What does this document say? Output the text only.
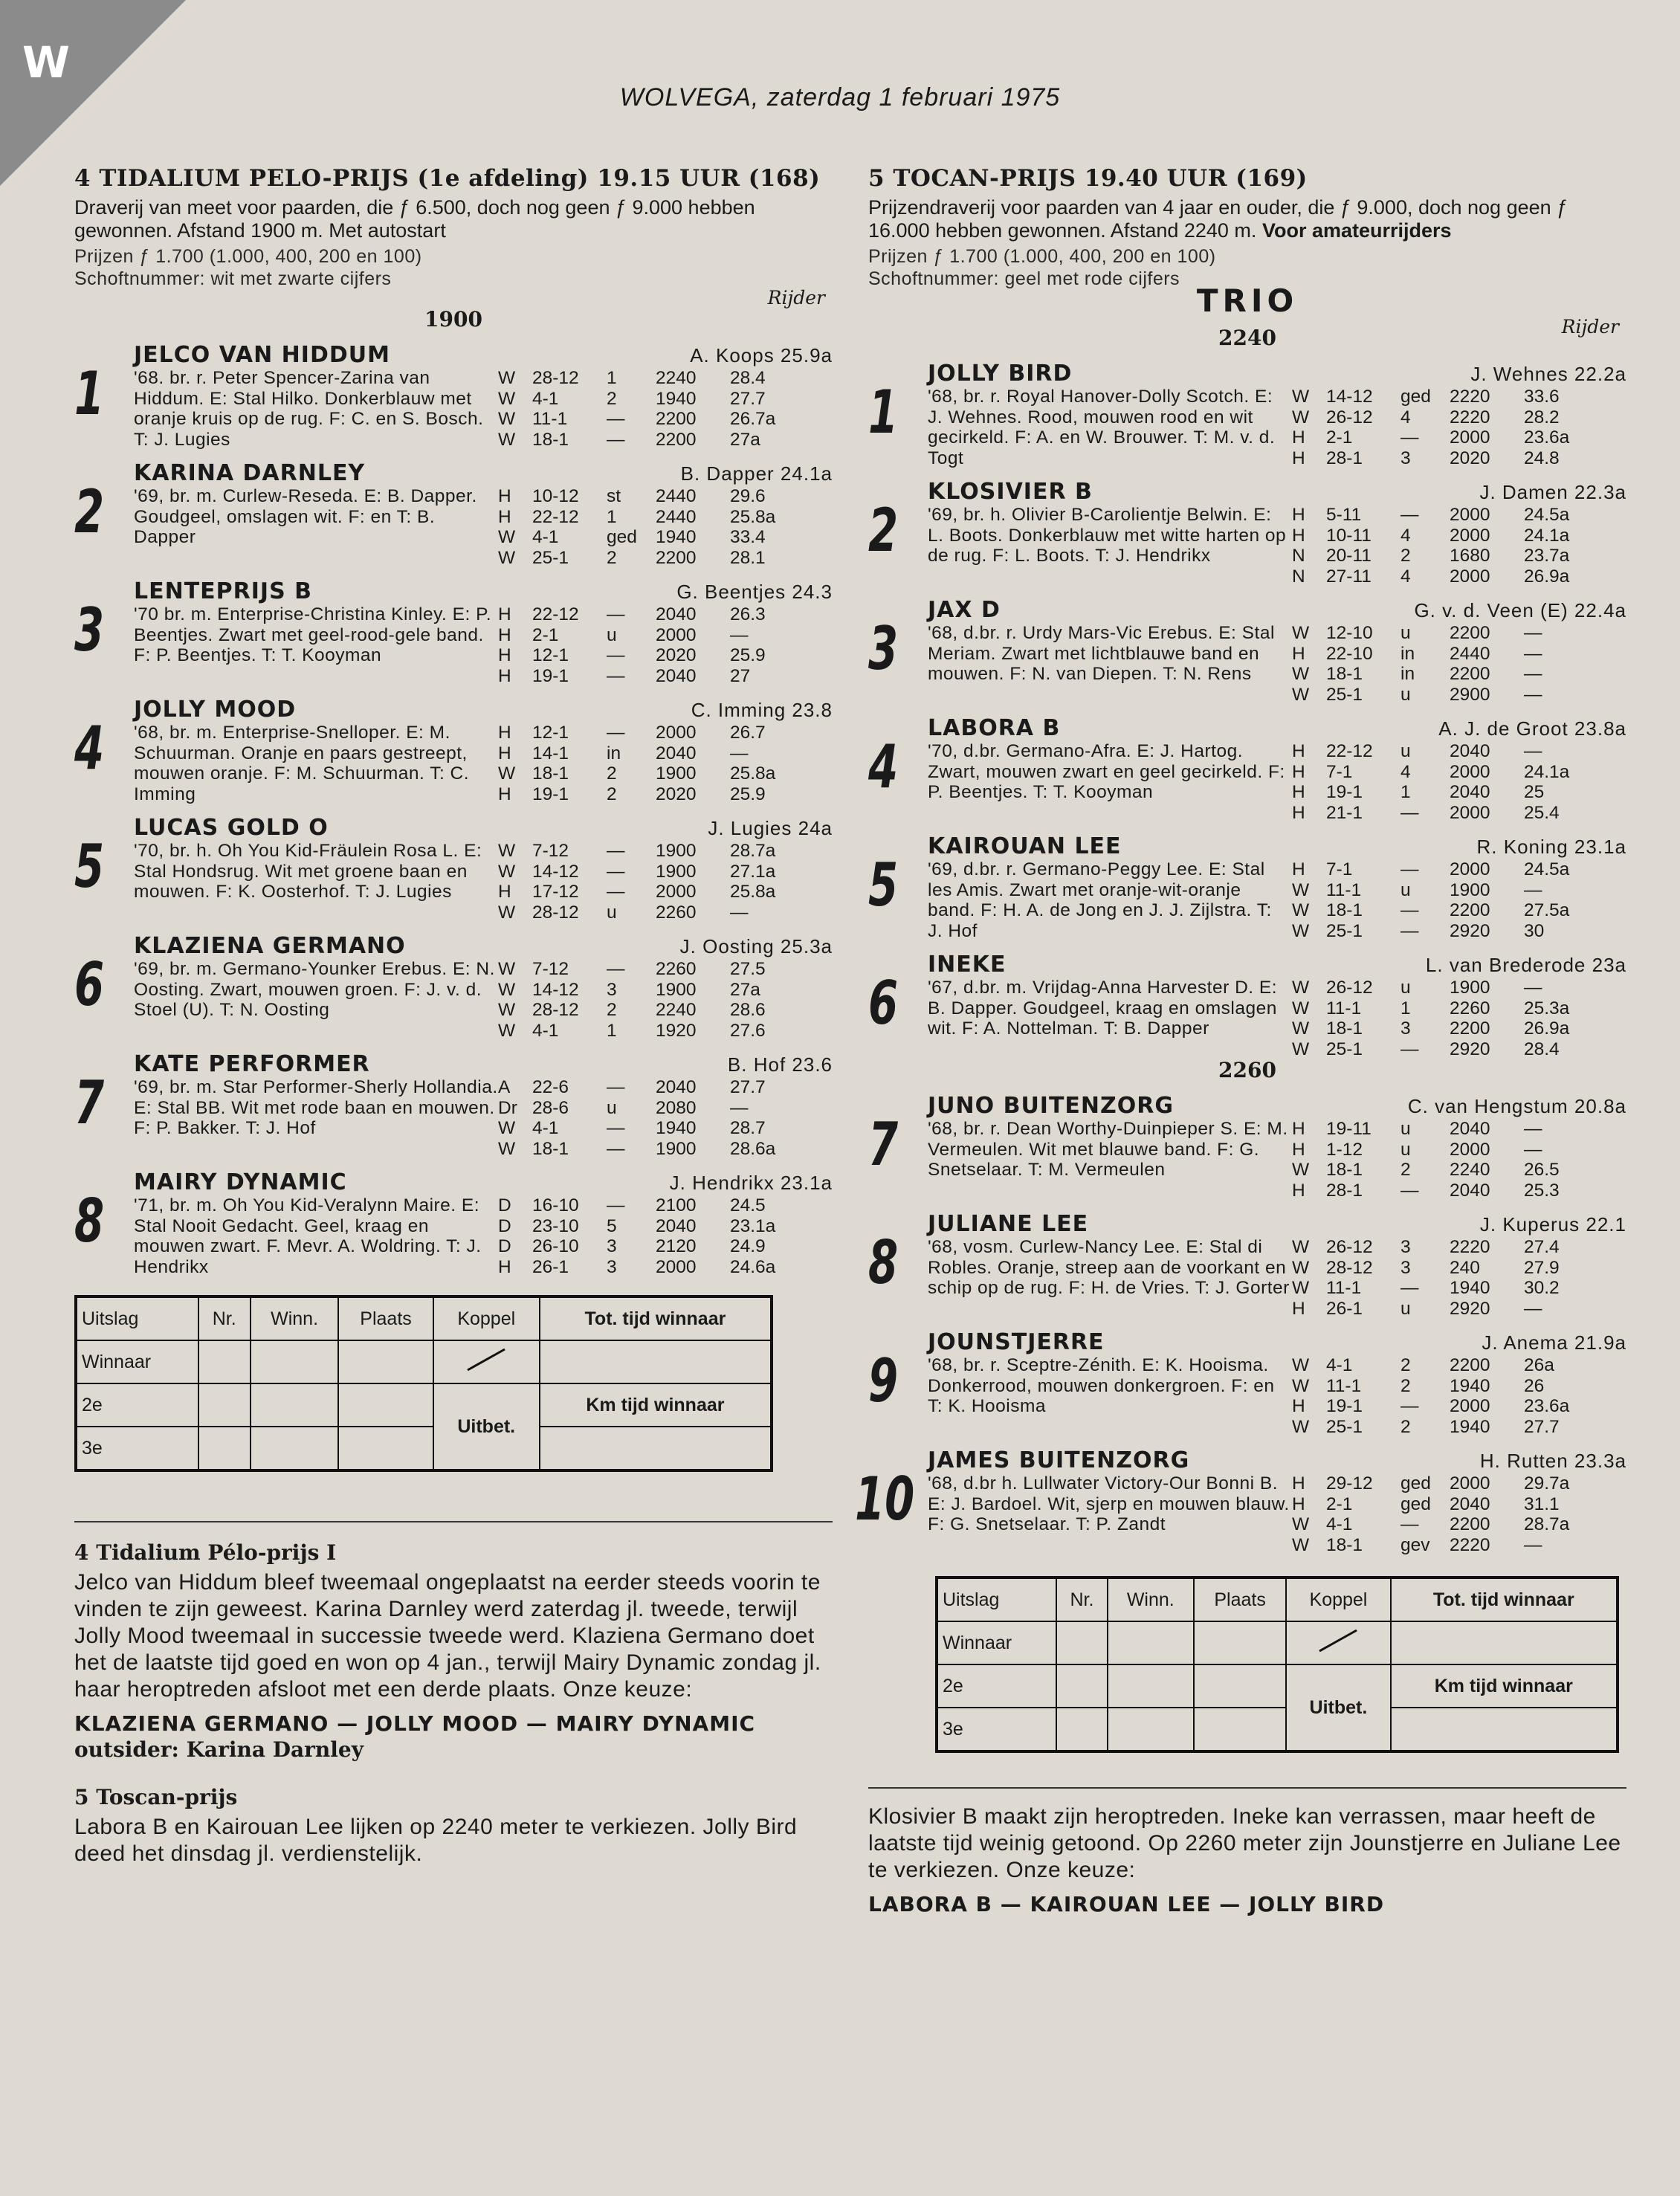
W
WOLVEGA, zaterdag 1 februari 1975
4 TIDALIUM PELO-PRIJS (1e afdeling) 19.15 UUR (168)
Draverij van meet voor paarden, die ƒ 6.500, doch nog geen ƒ 9.000 hebben gewonnen. Afstand 1900 m. Met autostart
Prijzen ƒ 1.700 (1.000, 400, 200 en 100)
Schoftnummer: wit met zwarte cijfers
Rijder
1900
1
JELCO VAN HIDDUM	A. Koops 25.9a
'68. br. r. Peter Spencer-Zarina van Hiddum. E: Stal Hilko. Donkerblauw met oranje kruis op de rug. F: C. en S. Bosch. T: J. Lugies
W 28-12	1	2240	28.4
W 4-1	2	1940	27.7
W 11-1	—	2200	26.7a
W 18-1	—	2200	27a
2
KARINA DARNLEY	B. Dapper 24.1a
'69, br. m. Curlew-Reseda. E: B. Dapper. Goudgeel, omslagen wit. F: en T: B. Dapper
H	10-12	st	2440	29.6
H	22-12	1	2440	25.8a
W 4-1	ged	1940	33.4
W 25-1	2	2200	28.1
3
LENTEPRIJS B	G. Beentjes 24.3
'70 br. m. Enterprise-Christina Kinley. E: P. Beentjes. Zwart met geel-rood-gele band. F: P. Beentjes. T: T. Kooyman
H	22-12	—	2040	26.3
H	2-1	u	2000	—
H	12-1	—	2020	25.9
H	19-1	—	2040	27
4
JOLLY MOOD	C. Imming 23.8
'68, br. m. Enterprise-Snelloper. E: M. Schuurman. Oranje en paars gestreept, mouwen oranje. F: M. Schuurman. T: C. Imming
H	12-1	—	2000	26.7
H	14-1	in	2040	—
W 18-1	2	1900	25.8a
H	19-1	2	2020	25.9
5
LUCAS GOLD O	J. Lugies 24a
'70, br. h. Oh You Kid-Fräulein Rosa L. E: Stal Hondsrug. Wit met groene baan en mouwen. F: K. Oosterhof. T: J. Lugies
W 7-12	—	1900	28.7a
W 14-12	—	1900	27.1a
H	17-12	—	2000	25.8a
W 28-12	u	2260	—
6
KLAZIENA GERMANO	J. Oosting 25.3a
'69, br. m. Germano-Younker Erebus. E: N. Oosting. Zwart, mouwen groen. F: J. v. d. Stoel (U). T: N. Oosting
W 7-12	—	2260	27.5
W 14-12	3	1900	27a
W 28-12	2	2240	28.6
W 4-1	1	1920	27.6
7
KATE PERFORMER	B. Hof 23.6
'69, br. m. Star Performer-Sherly Hollandia. E: Stal BB. Wit met rode baan en mouwen. F: P. Bakker. T: J. Hof
A	22-6	—	2040	27.7
Dr 28-6	u	2080	—
W 4-1	—	1940	28.7
W 18-1	—	1900	28.6a
8
MAIRY DYNAMIC	J. Hendrikx 23.1a
'71, br. m. Oh You Kid-Veralynn Maire. E: Stal Nooit Gedacht. Geel, kraag en mouwen zwart. F. Mevr. A. Woldring. T: J. Hendrikx
D	16-10	—	2100	24.5
D	23-10	5	2040	23.1a
D	26-10	3	2120	24.9
H	26-1	3	2000	24.6a
Uitslag	Nr.	Winn.	Plaats	Koppel	Tot. tijd winnaar
Winnaar					
2e				Uitbet.	Km tijd winnaar
3e					
4 Tidalium Pélo-prijs I
Jelco van Hiddum bleef tweemaal ongeplaatst na eerder steeds voorin te vinden te zijn geweest. Karina Darnley werd zaterdag jl. tweede, terwijl Jolly Mood tweemaal in successie tweede werd. Klaziena Germano doet het de laatste tijd goed en won op 4 jan., terwijl Mairy Dynamic zondag jl. haar heroptreden afsloot met een derde plaats. Onze keuze:
KLAZIENA GERMANO — JOLLY MOOD — MAIRY DYNAMIC
outsider: Karina Darnley
5 Toscan-prijs
Labora B en Kairouan Lee lijken op 2240 meter te verkiezen. Jolly Bird deed het dinsdag jl. verdienstelijk.
5 TOCAN-PRIJS 19.40 UUR (169)
Prijzendraverij voor paarden van 4 jaar en ouder, die ƒ 9.000, doch nog geen ƒ 16.000 hebben gewonnen. Afstand 2240 m. Voor amateurrijders
Prijzen ƒ 1.700 (1.000, 400, 200 en 100)
Schoftnummer: geel met rode cijfers
TRIO
Rijder
2240
1
JOLLY BIRD	J. Wehnes 22.2a
'68, br. r. Royal Hanover-Dolly Scotch. E: J. Wehnes. Rood, mouwen rood en wit gecirkeld. F: A. en W. Brouwer. T: M. v. d. Togt
W 14-12	ged	2220	33.6
W 26-12	4	2220	28.2
H	2-1	—	2000	23.6a
H	28-1	3	2020	24.8
2
KLOSIVIER B	J. Damen 22.3a
'69, br. h. Olivier B-Carolientje Belwin. E: L. Boots. Donkerblauw met witte harten op de rug. F: L. Boots. T: J. Hendrikx
H	5-11	—	2000	24.5a
H	10-11	4	2000	24.1a
N	20-11	2	1680	23.7a
N	27-11	4	2000	26.9a
3
JAX D	G. v. d. Veen (E) 22.4a
'68, d.br. r. Urdy Mars-Vic Erebus. E: Stal Meriam. Zwart met lichtblauwe band en mouwen. F: N. van Diepen. T: N. Rens
W 12-10	u	2200	—
H	22-10	in	2440	—
W 18-1	in	2200	—
W 25-1	u	2900	—
4
LABORA B	A. J. de Groot 23.8a
'70, d.br. Germano-Afra. E: J. Hartog. Zwart, mouwen zwart en geel gecirkeld. F: P. Beentjes. T: T. Kooyman
H	22-12	u	2040	—
H	7-1	4	2000	24.1a
H	19-1	1	2040	25
H	21-1	—	2000	25.4
5
KAIROUAN LEE	R. Koning 23.1a
'69, d.br. r. Germano-Peggy Lee. E: Stal les Amis. Zwart met oranje-wit-oranje band. F: H. A. de Jong en J. J. Zijlstra. T: J. Hof
H	7-1	—	2000	24.5a
W 11-1	u	1900	—
W 18-1	—	2200	27.5a
W 25-1	—	2920	30
6
INEKE	L. van Brederode 23a
'67, d.br. m. Vrijdag-Anna Harvester D. E: B. Dapper. Goudgeel, kraag en omslagen wit. F: A. Nottelman. T: B. Dapper
W 26-12	u	1900	—
W 11-1	1	2260	25.3a
W 18-1	3	2200	26.9a
W 25-1	—	2920	28.4
2260
7
JUNO BUITENZORG	C. van Hengstum 20.8a
'68, br. r. Dean Worthy-Duinpieper S. E: M. Vermeulen. Wit met blauwe band. F: G. Snetselaar. T: M. Vermeulen
H	19-11	u	2040	—
H	1-12	u	2000	—
W 18-1	2	2240	26.5
H	28-1	—	2040	25.3
8
JULIANE LEE	J. Kuperus 22.1
'68, vosm. Curlew-Nancy Lee. E: Stal di Robles. Oranje, streep aan de voorkant en schip op de rug. F: H. de Vries. T: J. Gorter
W 26-12	3	2220	27.4
W 28-12	3	240	27.9
W 11-1	—	1940	30.2
H	26-1	u	2920	—
9
JOUNSTJERRE	J. Anema 21.9a
'68, br. r. Sceptre-Zénith. E: K. Hooisma. Donkerrood, mouwen donkergroen. F: en T: K. Hooisma
W 4-1	2	2200	26a
W 11-1	2	1940	26
H	19-1	—	2000	23.6a
W 25-1	2	1940	27.7
10
JAMES BUITENZORG	H. Rutten 23.3a
'68, d.br h. Lullwater Victory-Our Bonni B. E: J. Bardoel. Wit, sjerp en mouwen blauw. F: G. Snetselaar. T: P. Zandt
H	29-12	ged	2000	29.7a
H	2-1	ged	2040	31.1
W 4-1	—	2200	28.7a
W 18-1	gev	2220	—
Uitslag	Nr.	Winn.	Plaats	Koppel	Tot. tijd winnaar
Winnaar					
2e				Uitbet.	Km tijd winnaar
3e					
Klosivier B maakt zijn heroptreden. Ineke kan verrassen, maar heeft de laatste tijd weinig getoond. Op 2260 meter zijn Jounstjerre en Juliane Lee te verkiezen. Onze keuze:
LABORA B — KAIROUAN LEE — JOLLY BIRD
